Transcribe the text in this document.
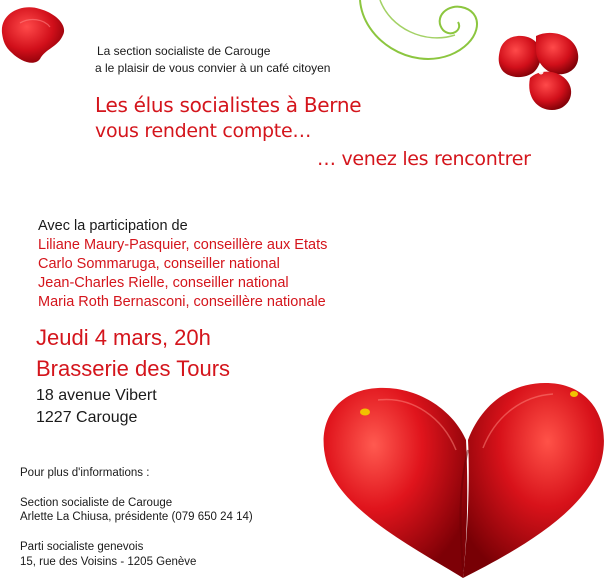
La section socialiste de Carouge

a le plaisir de vous convier à un café citoyen

Les élus socialistes à Berne

vous rendent compte…

… venez les rencontrer

Avec la participation de

Liliane Maury-Pasquier, conseillère aux Etats

Carlo Sommaruga, conseiller national

Jean-Charles Rielle, conseiller national

Maria Roth Bernasconi, conseillère nationale

Jeudi 4 mars, 20h

Brasserie des Tours

18 avenue Vibert

1227 Carouge

Pour plus d'informations :

Section socialiste de Carouge

Arlette La Chiusa, présidente (079 650 24 14)

Parti socialiste genevois

15, rue des Voisins - 1205 Genève
